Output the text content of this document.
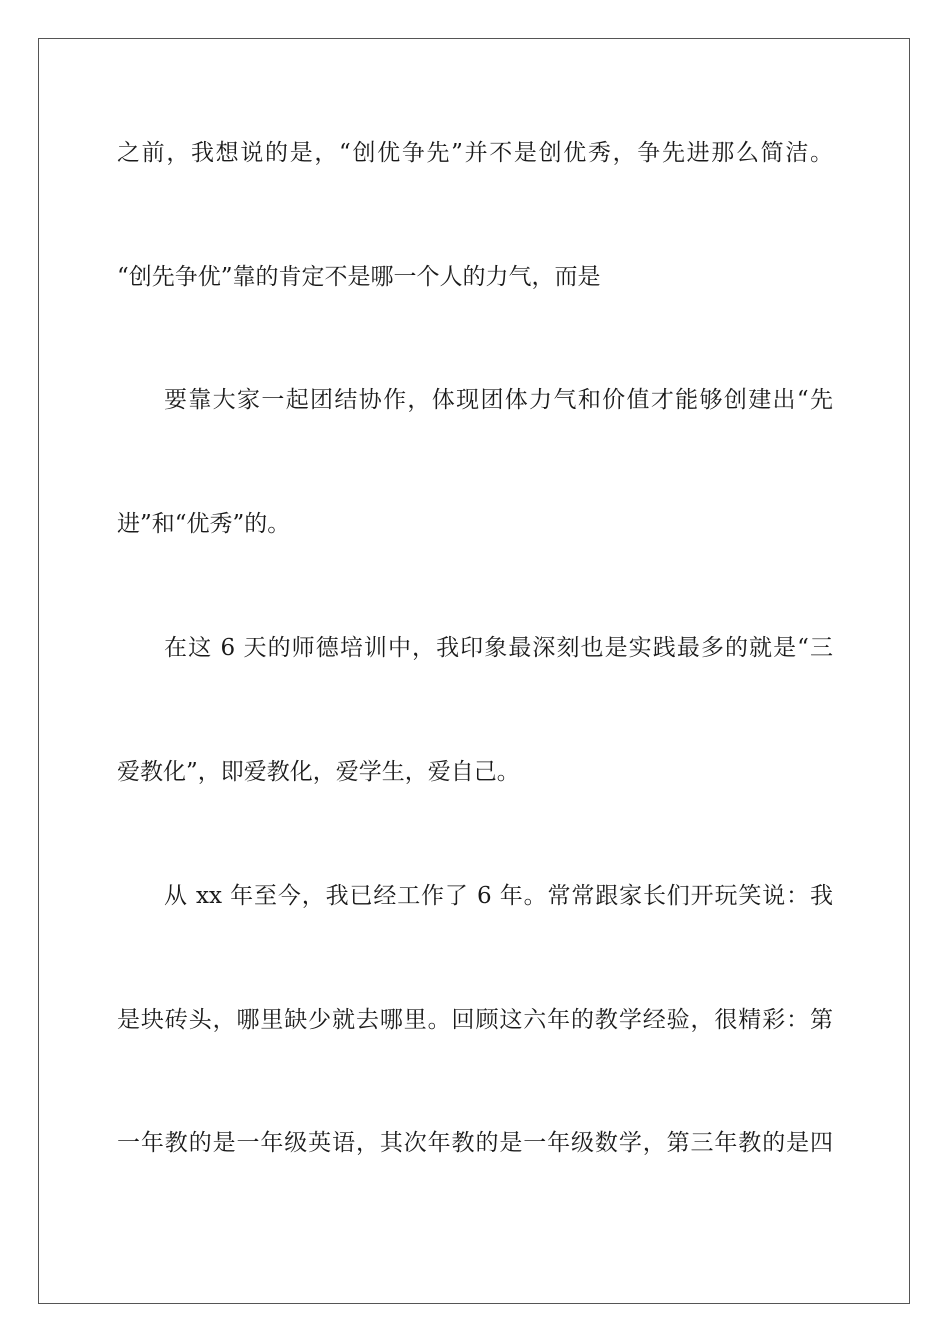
之前，我想说的是，“创优争先”并不是创优秀，争先进那么简洁。
“创先争优”靠的肯定不是哪一个人的力气，而是
要靠大家一起团结协作，体现团体力气和价值才能够创建出“先
进”和“优秀”的。
在这 6 天的师德培训中，我印象最深刻也是实践最多的就是“三
爱教化”，即爱教化，爱学生，爱自己。
从 xx 年至今，我已经工作了 6 年。常常跟家长们开玩笑说：我
是块砖头，哪里缺少就去哪里。回顾这六年的教学经验，很精彩：第
一年教的是一年级英语，其次年教的是一年级数学，第三年教的是四
